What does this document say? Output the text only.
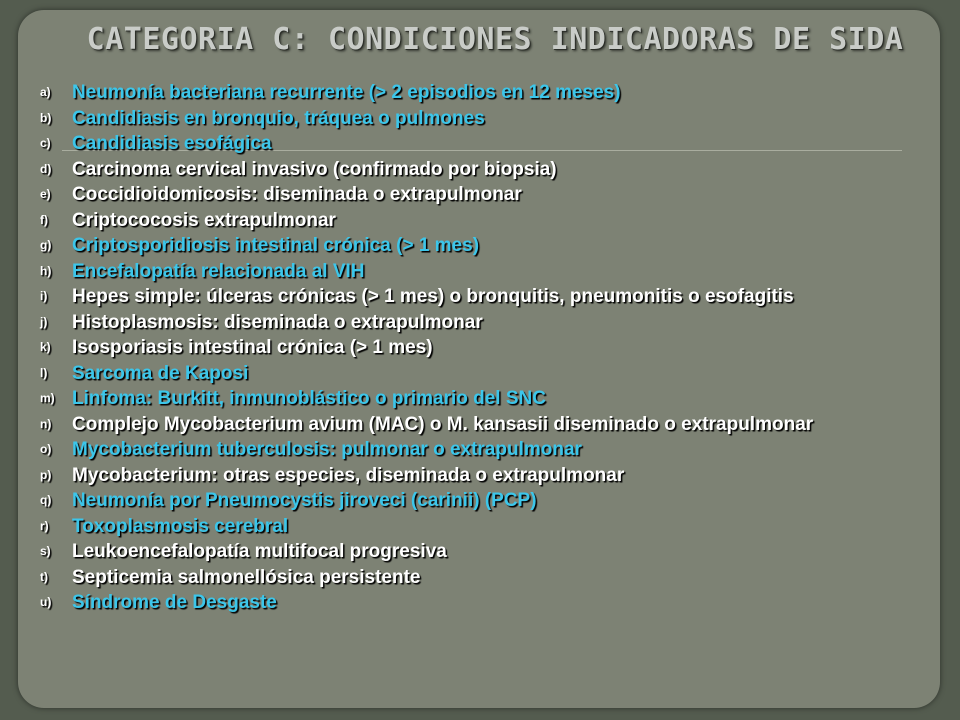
CATEGORIA C: CONDICIONES INDICADORAS DE SIDA
a)	Neumonía bacteriana recurrente (> 2 episodios en 12 meses)
b)	Candidiasis en bronquio, tráquea o pulmones
c)	Candidiasis esofágica
d)	Carcinoma cervical invasivo (confirmado por biopsia)
e)	Coccidioidomicosis: diseminada o extrapulmonar
f)	Criptococosis extrapulmonar
g)	Criptosporidiosis intestinal crónica (> 1 mes)
h)	Encefalopatía relacionada al VIH
i)	Hepes simple: úlceras crónicas (> 1 mes) o bronquitis, pneumonitis o esofagitis
j)	Histoplasmosis: diseminada o extrapulmonar
k)	Isosporiasis intestinal crónica (> 1 mes)
l)	Sarcoma de Kaposi
m) Linfoma: Burkitt, inmunoblástico o primario del SNC
n)	Complejo Mycobacterium avium (MAC) o M. kansasii diseminado o extrapulmonar
o)	Mycobacterium tuberculosis: pulmonar o extrapulmonar
p)	Mycobacterium: otras especies, diseminada o extrapulmonar
q)	Neumonía por Pneumocystis jiroveci (carinii) (PCP)
r)	Toxoplasmosis cerebral
s)	Leukoencefalopatía multifocal progresiva
t)	Septicemia salmonellósica persistente
u)	Síndrome de Desgaste
